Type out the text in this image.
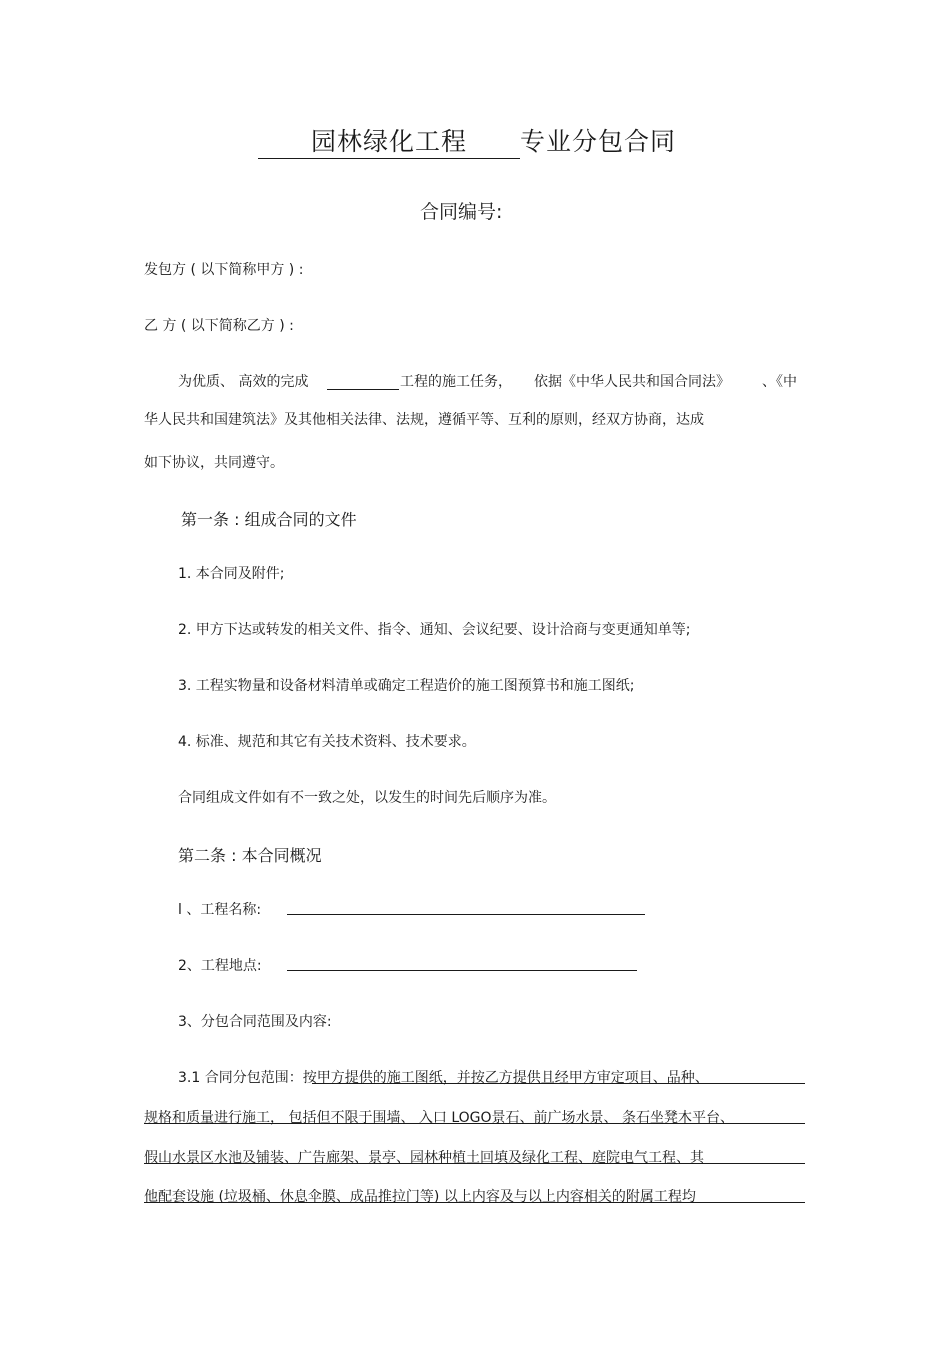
园林绿化工程 专业分包合同
合同编号:
发包方 ( 以下简称甲方 ) :
乙 方 ( 以下简称乙方 ) :
为优质、 高效的完成	工程的施工任务， 依据《中华人民共和国合同法》 、《中
华人民共和国建筑法》及其他相关法律、法规，遵循平等、互利的原则，经双方协商，达成
如下协议，共同遵守。
第一条 : 组成合同的文件
1. 本合同及附件;
2. 甲方下达或转发的相关文件、指令、通知、会议纪要、设计洽商与变更通知单等;
3. 工程实物量和设备材料清单或确定工程造价的施工图预算书和施工图纸;
4. 标准、规范和其它有关技术资料、技术要求。
合同组成文件如有不一致之处，以发生的时间先后顺序为准。
第二条 : 本合同概况
l 、工程名称:
2、工程地点:
3、分包合同范围及内容:
3.1 合同分包范围：按甲方提供的施工图纸，并按乙方提供且经甲方审定项目、品种、
规格和质量进行施工， 包括但不限于围墙、 入口 LOGO景石、前广场水景、 条石坐凳木平台、
假山水景区水池及铺装、广告廊架、景亭、园林种植土回填及绿化工程、庭院电气工程、其
他配套设施 (垃圾桶、休息伞膜、成品推拉门等) 以上内容及与以上内容相关的附属工程均
